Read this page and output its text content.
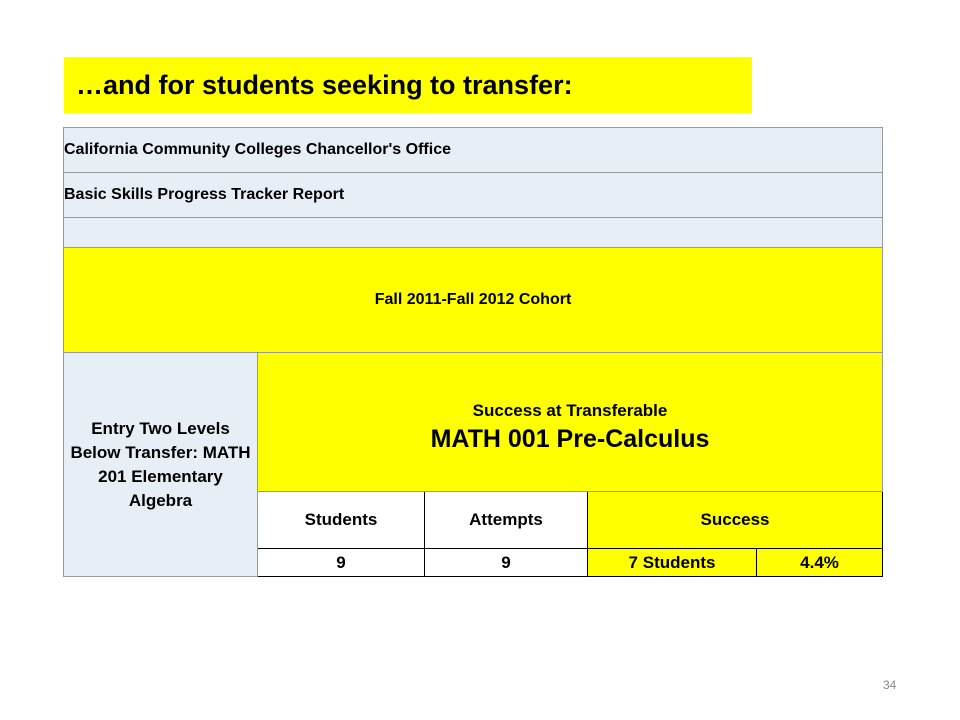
…and for students seeking to transfer:
California Community Colleges Chancellor's Office				
Basic Skills Progress Tracker Report				

Fall 2011-Fall 2012 Cohort				
Entry Two Levels Below Transfer: MATH 201 Elementary Algebra	Success at Transferable
MATH 001 Pre-Calculus			

	Students	Attempts	Success	
	9	9	7 Students	4.4%
34
